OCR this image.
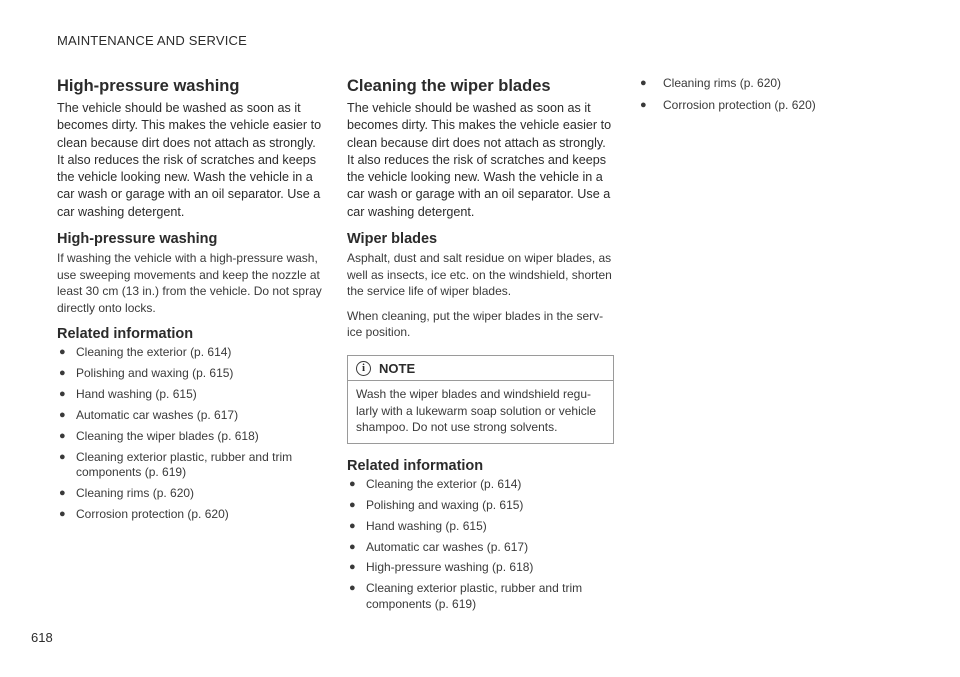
MAINTENANCE AND SERVICE
High-pressure washing

The vehicle should be washed as soon as it becomes dirty. This makes the vehicle easier to clean because dirt does not attach as strongly. It also reduces the risk of scratches and keeps the vehicle looking new. Wash the vehicle in a car wash or garage with an oil separator. Use a car washing detergent.

High-pressure washing

If washing the vehicle with a high-pressure wash, use sweeping movements and keep the nozzle at least 30 cm (13 in.) from the vehicle. Do not spray directly onto locks.

Related information
● Cleaning the exterior (p. 614)
● Polishing and waxing (p. 615)
● Hand washing (p. 615)
● Automatic car washes (p. 617)
● Cleaning the wiper blades (p. 618)
● Cleaning exterior plastic, rubber and trim components (p. 619)
● Cleaning rims (p. 620)
● Corrosion protection (p. 620)
Cleaning the wiper blades

The vehicle should be washed as soon as it becomes dirty. This makes the vehicle easier to clean because dirt does not attach as strongly. It also reduces the risk of scratches and keeps the vehicle looking new. Wash the vehicle in a car wash or garage with an oil separator. Use a car washing detergent.

Wiper blades

Asphalt, dust and salt residue on wiper blades, as well as insects, ice etc. on the windshield, shorten the service life of wiper blades.

When cleaning, put the wiper blades in the service position.

i	NOTE
Wash the wiper blades and windshield regularly with a lukewarm soap solution or vehicle shampoo. Do not use strong solvents.
Related information
● Cleaning the exterior (p. 614)
● Polishing and waxing (p. 615)
● Hand washing (p. 615)
● Automatic car washes (p. 617)
● High-pressure washing (p. 618)
● Cleaning exterior plastic, rubber and trim components (p. 619)
● Cleaning rims (p. 620)
● Corrosion protection (p. 620)
618
